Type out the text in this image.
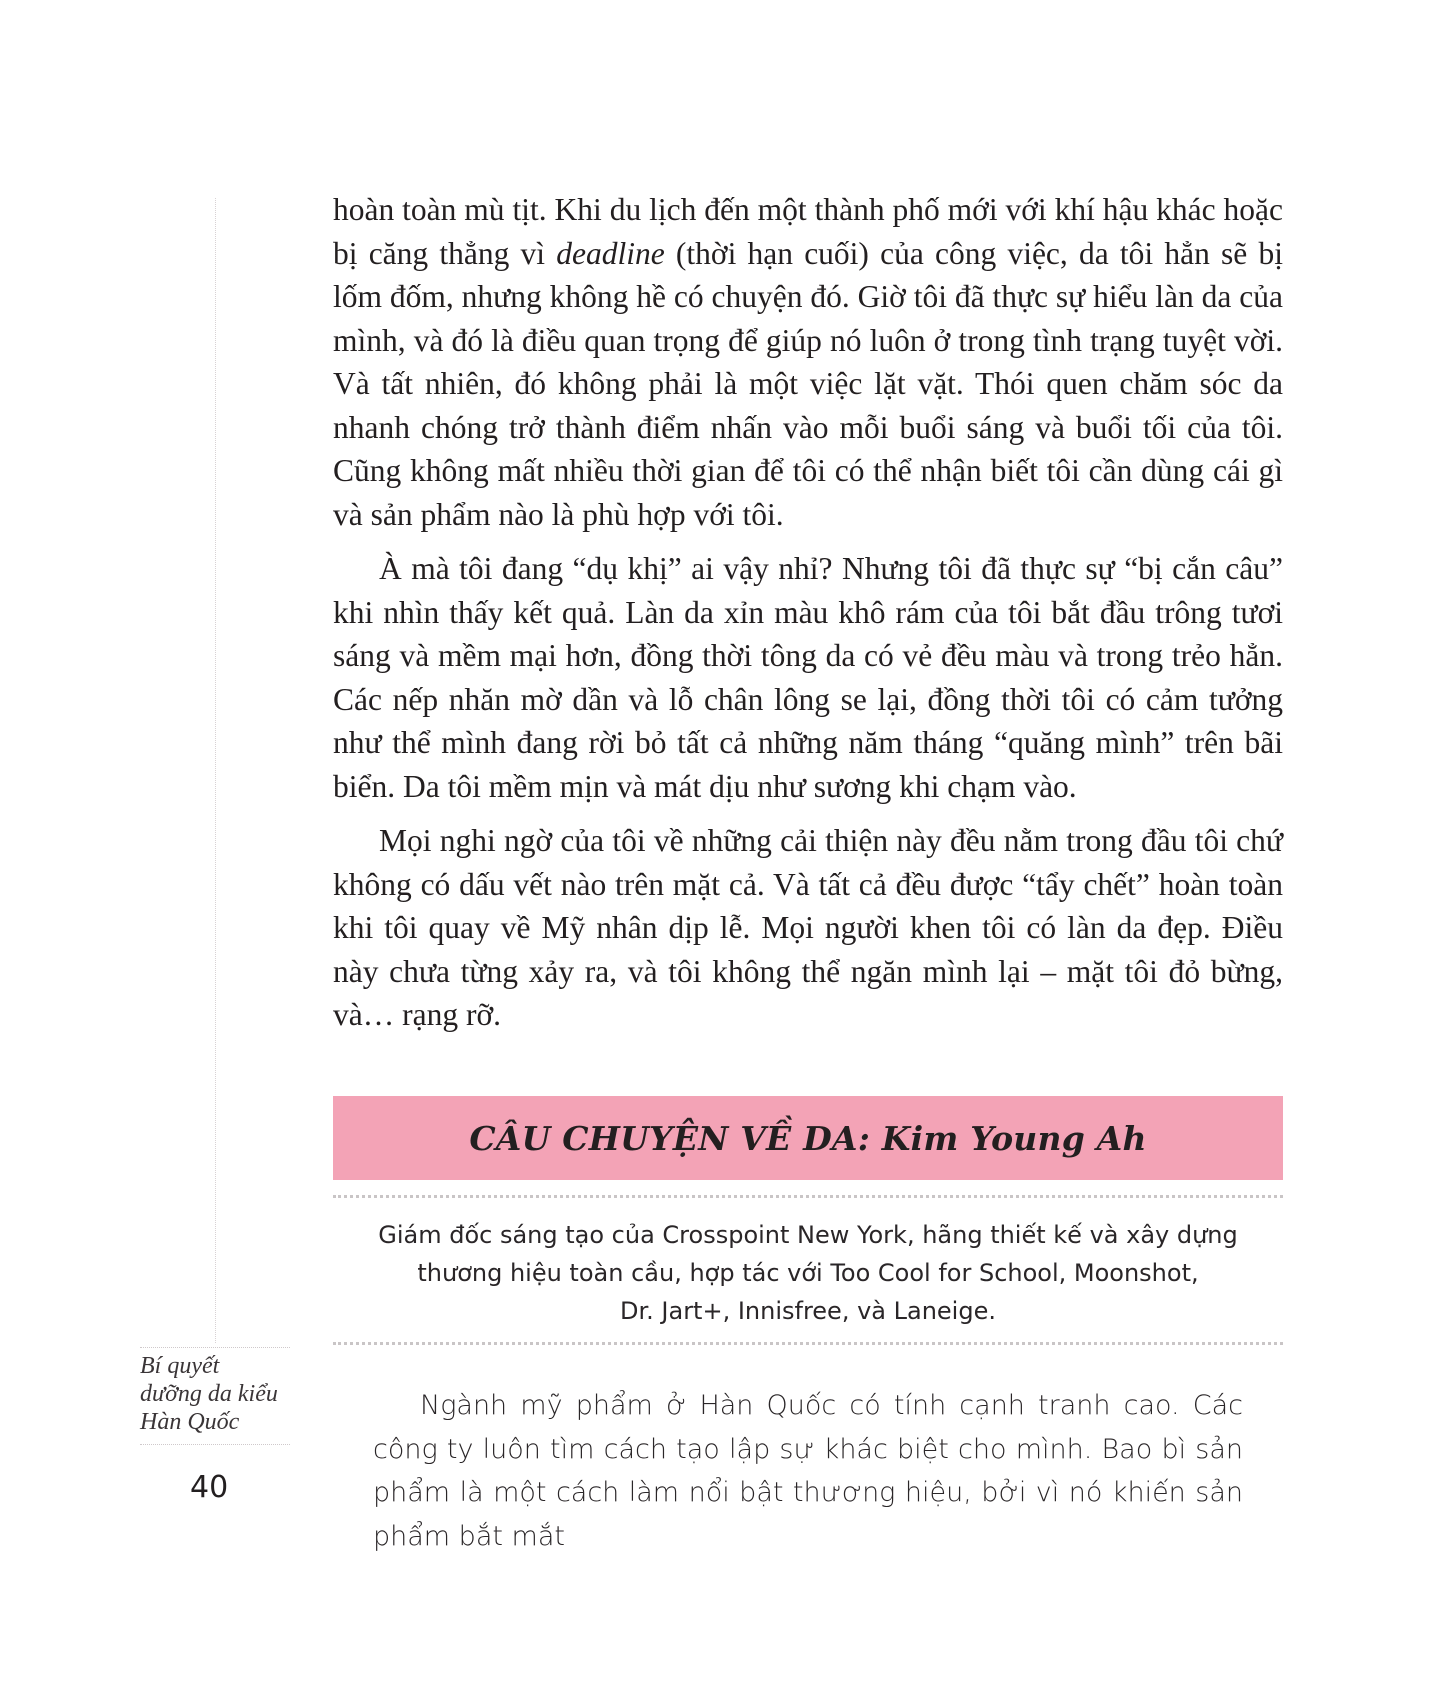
hoàn toàn mù tịt. Khi du lịch đến một thành phố mới với khí hậu khác hoặc bị căng thẳng vì deadline (thời hạn cuối) của công việc, da tôi hẳn sẽ bị lốm đốm, nhưng không hề có chuyện đó. Giờ tôi đã thực sự hiểu làn da của mình, và đó là điều quan trọng để giúp nó luôn ở trong tình trạng tuyệt vời. Và tất nhiên, đó không phải là một việc lặt vặt. Thói quen chăm sóc da nhanh chóng trở thành điểm nhấn vào mỗi buổi sáng và buổi tối của tôi. Cũng không mất nhiều thời gian để tôi có thể nhận biết tôi cần dùng cái gì và sản phẩm nào là phù hợp với tôi.

À mà tôi đang “dụ khị” ai vậy nhỉ? Nhưng tôi đã thực sự “bị cắn câu” khi nhìn thấy kết quả. Làn da xỉn màu khô rám của tôi bắt đầu trông tươi sáng và mềm mại hơn, đồng thời tông da có vẻ đều màu và trong trẻo hẳn. Các nếp nhăn mờ dần và lỗ chân lông se lại, đồng thời tôi có cảm tưởng như thể mình đang rời bỏ tất cả những năm tháng “quăng mình” trên bãi biển. Da tôi mềm mịn và mát dịu như sương khi chạm vào.

Mọi nghi ngờ của tôi về những cải thiện này đều nằm trong đầu tôi chứ không có dấu vết nào trên mặt cả. Và tất cả đều được “tẩy chết” hoàn toàn khi tôi quay về Mỹ nhân dịp lễ. Mọi người khen tôi có làn da đẹp. Điều này chưa từng xảy ra, và tôi không thể ngăn mình lại – mặt tôi đỏ bừng, và… rạng rỡ.

CÂU CHUYỆN VỀ DA: Kim Young Ah
Giám đốc sáng tạo của Crosspoint New York, hãng thiết kế và xây dựng
thương hiệu toàn cầu, hợp tác với Too Cool for School, Moonshot,
Dr. Jart+, Innisfree, và Laneige.

Ngành mỹ phẩm ở Hàn Quốc có tính cạnh tranh cao. Các công ty luôn tìm cách tạo lập sự khác biệt cho mình. Bao bì sản phẩm là một cách làm nổi bật thương hiệu, bởi vì nó khiến sản phẩm bắt mắt

Bí quyết
dưỡng da kiểu
Hàn Quốc
40
